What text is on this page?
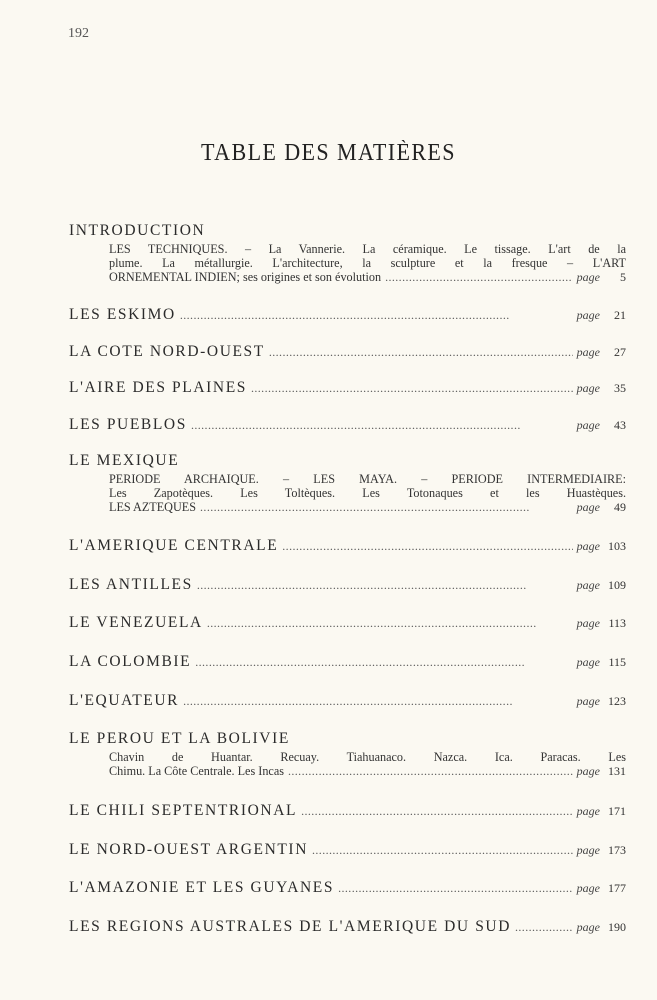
192
TABLE DES MATIÈRES
INTRODUCTION
LES TECHNIQUES. – La Vannerie. La céramique. Le tissage. L'art de la
plume. La métallurgie. L'architecture, la sculpture et la fresque – L'ART
ORNEMENTAL INDIEN; ses origines et son évolution . . .	page	5
LES ESKIMO . . .	page	21
LA COTE NORD-OUEST . . .	page	27
L'AIRE DES PLAINES . . .	page	35
LES PUEBLOS . . .	page	43
LE MEXIQUE
PERIODE ARCHAIQUE. – LES MAYA. – PERIODE INTERMEDIAIRE:
Les Zapotèques. Les Toltèques. Les Totonaques et les Huastèques.
LES AZTEQUES . . .	page	49
L'AMERIQUE CENTRALE . . .	page 103
LES ANTILLES . . .	page 109
LE VENEZUELA . . .	page 113
LA COLOMBIE . . .	page 115
L'EQUATEUR . . .	page 123
LE PEROU ET LA BOLIVIE
Chavin de Huantar. Recuay. Tiahuanaco. Nazca. Ica. Paracas. Les
Chimu. La Côte Centrale. Les Incas . . .	page 131
LE CHILI SEPTENTRIONAL . . .	page 171
LE NORD-OUEST ARGENTIN . . .	page 173
L'AMAZONIE ET LES GUYANES . . .	page 177
LES REGIONS AUSTRALES DE L'AMERIQUE DU SUD . . .	page 190
